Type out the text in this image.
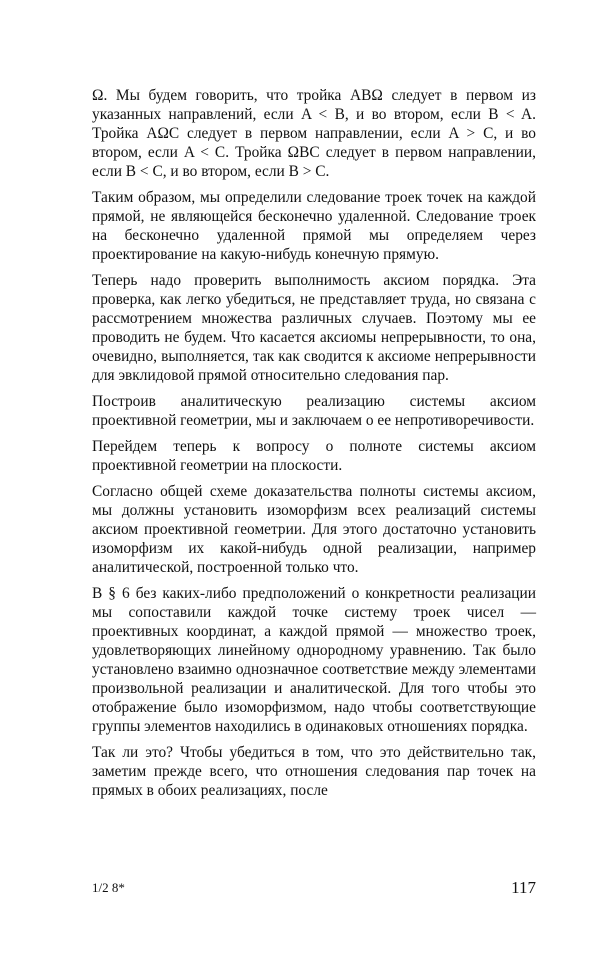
Ω. Мы будем говорить, что тройка ABΩ следует в первом из указанных направлений, если A < B, и во втором, если B < A. Тройка AΩC следует в первом направлении, если A > C, и во втором, если A < C. Тройка ΩBC следует в первом направлении, если B < C, и во втором, если B > C.

Таким образом, мы определили следование троек точек на каждой прямой, не являющейся бесконечно удаленной. Следование троек на бесконечно удаленной прямой мы определяем через проектирование на какую-нибудь конечную прямую.

Теперь надо проверить выполнимость аксиом порядка. Эта проверка, как легко убедиться, не представляет труда, но связана с рассмотрением множества различных случаев. Поэтому мы ее проводить не будем. Что касается аксиомы непрерывности, то она, очевидно, выполняется, так как сводится к аксиоме непрерывности для эвклидовой прямой относительно следования пар.

Построив аналитическую реализацию системы аксиом проективной геометрии, мы и заключаем о ее непротиворечивости.

Перейдем теперь к вопросу о полноте системы аксиом проективной геометрии на плоскости.

Согласно общей схеме доказательства полноты системы аксиом, мы должны установить изоморфизм всех реализаций системы аксиом проективной геометрии. Для этого достаточно установить изоморфизм их какой-нибудь одной реализации, например аналитической, построенной только что.

В § 6 без каких-либо предположений о конкретности реализации мы сопоставили каждой точке систему троек чисел — проективных координат, а каждой прямой — множество троек, удовлетворяющих линейному однородному уравнению. Так было установлено взаимно однозначное соответствие между элементами произвольной реализации и аналитической. Для того чтобы это отображение было изоморфизмом, надо чтобы соответствующие группы элементов находились в одинаковых отношениях порядка.

Так ли это? Чтобы убедиться в том, что это действительно так, заметим прежде всего, что отношения следования пар точек на прямых в обоих реализациях, после

1/2 8*	117
